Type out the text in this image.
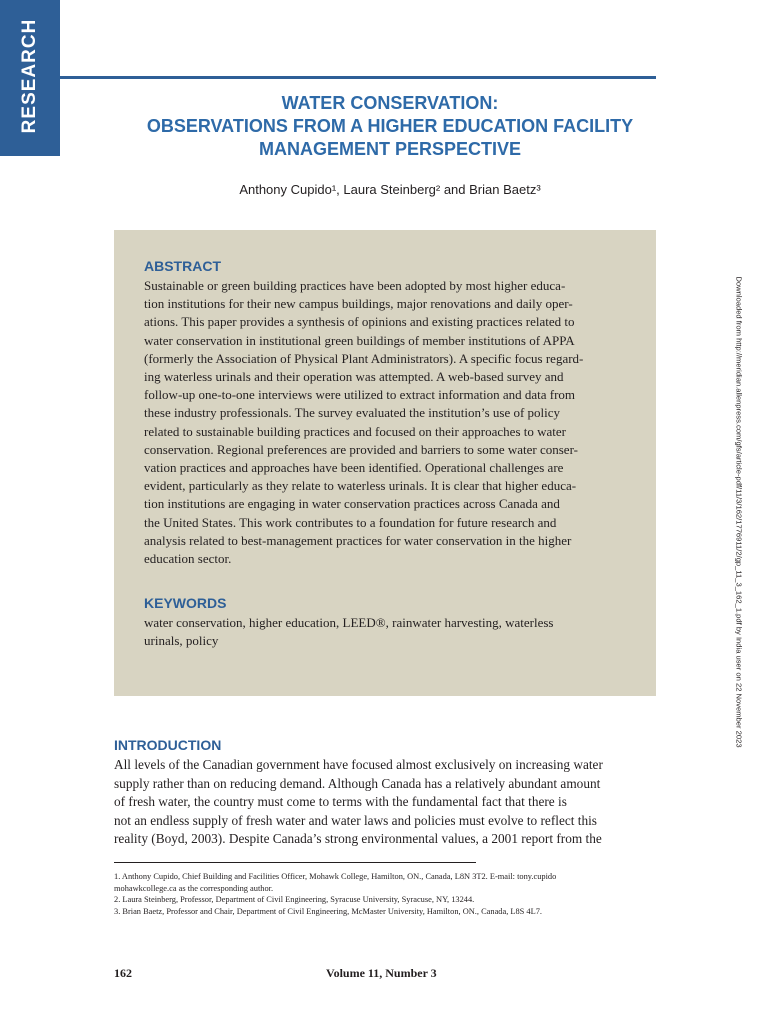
RESEARCH	WATER CONSERVATION:
OBSERVATIONS FROM A HIGHER EDUCATION FACILITY
MANAGEMENT PERSPECTIVE
Anthony Cupido¹, Laura Steinberg² and Brian Baetz³
ABSTRACT
Sustainable or green building practices have been adopted by most higher educa-
tion institutions for their new campus buildings, major renovations and daily oper-
ations. This paper provides a synthesis of opinions and existing practices related to
water conservation in institutional green buildings of member institutions of APPA
(formerly the Association of Physical Plant Administrators). A specific focus regard-
ing waterless urinals and their operation was attempted. A web-based survey and
follow-up one-to-one interviews were utilized to extract information and data from
these industry professionals. The survey evaluated the institution’s use of policy
related to sustainable building practices and focused on their approaches to water
conservation. Regional preferences are provided and barriers to some water conser-
vation practices and approaches have been identified. Operational challenges are
evident, particularly as they relate to waterless urinals. It is clear that higher educa-
tion institutions are engaging in water conservation practices across Canada and
the United States. This work contributes to a foundation for future research and
analysis related to best-management practices for water conservation in the higher
education sector.
KEYWORDS
water conservation, higher education, LEED®, rainwater harvesting, waterless
urinals, policy
INTRODUCTION
All levels of the Canadian government have focused almost exclusively on increasing water
supply rather than on reducing demand. Although Canada has a relatively abundant amount
of fresh water, the country must come to terms with the fundamental fact that there is
not an endless supply of fresh water and water laws and policies must evolve to reflect this
reality (Boyd, 2003). Despite Canada’s strong environmental values, a 2001 report from the
1. Anthony Cupido, Chief Building and Facilities Officer, Mohawk College, Hamilton, ON., Canada, L8N 3T2. E-mail: tony.cupido
mohawkcollege.ca as the corresponding author.
2. Laura Steinberg, Professor, Department of Civil Engineering, Syracuse University, Syracuse, NY, 13244.
3. Brian Baetz, Professor and Chair, Department of Civil Engineering, McMaster University, Hamilton, ON., Canada, L8S 4L7.
162	Volume 11, Number 3
Downloaded from http://meridian.allenpress.com/gfs/article-pdf/11/3/162/1776911/2/gp_11_3_162_1.pdf by India user on 22 November 2023
